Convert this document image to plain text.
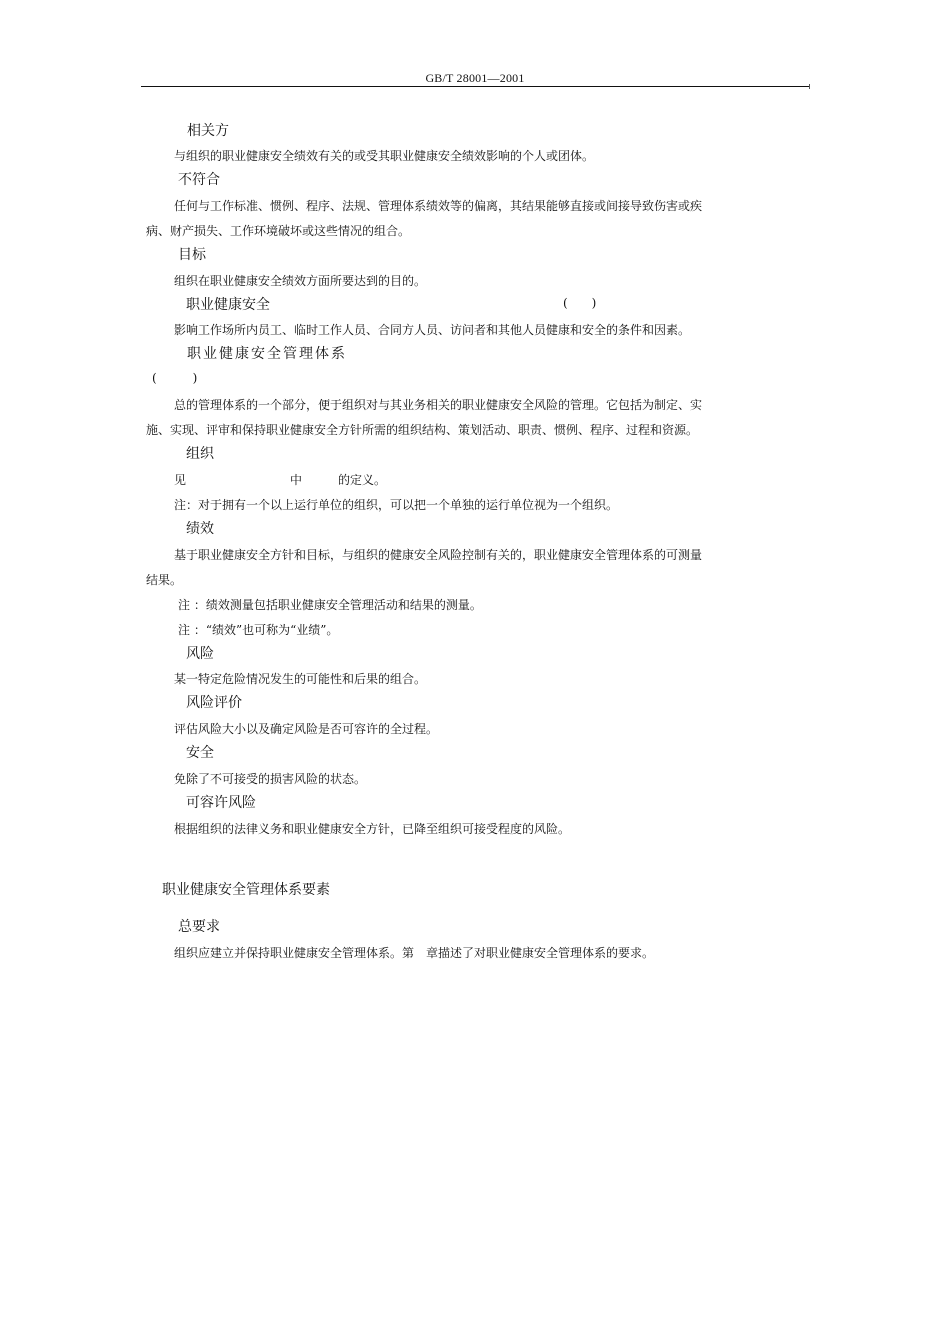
GB/T 28001—2001
相关方
与组织的职业健康安全绩效有关的或受其职业健康安全绩效影响的个人或团体。
不符合
任何与工作标准、惯例、程序、法规、管理体系绩效等的偏离，其结果能够直接或间接导致伤害或疾
病、财产损失、工作环境破坏或这些情况的组合。
目标
组织在职业健康安全绩效方面所要达到的目的。
职业健康安全	(　　)
影响工作场所内员工、临时工作人员、合同方人员、访问者和其他人员健康和安全的条件和因素。
职业健康安全管理体系
(　　　)
总的管理体系的一个部分，便于组织对与其业务相关的职业健康安全风险的管理。它包括为制定、实
施、实现、评审和保持职业健康安全方针所需的组织结构、策划活动、职责、惯例、程序、过程和资源。
组织
见	中	的定义。
注：对于拥有一个以上运行单位的组织，可以把一个单独的运行单位视为一个组织。
绩效
基于职业健康安全方针和目标，与组织的健康安全风险控制有关的，职业健康安全管理体系的可测量
结果。
注 ：绩效测量包括职业健康安全管理活动和结果的测量。
注 ：“绩效”也可称为“业绩”。
风险
某一特定危险情况发生的可能性和后果的组合。
风险评价
评估风险大小以及确定风险是否可容许的全过程。
安全
免除了不可接受的损害风险的状态。
可容许风险
根据组织的法律义务和职业健康安全方针，已降至组织可接受程度的风险。
职业健康安全管理体系要素
总要求
组织应建立并保持职业健康安全管理体系。第　章描述了对职业健康安全管理体系的要求。
